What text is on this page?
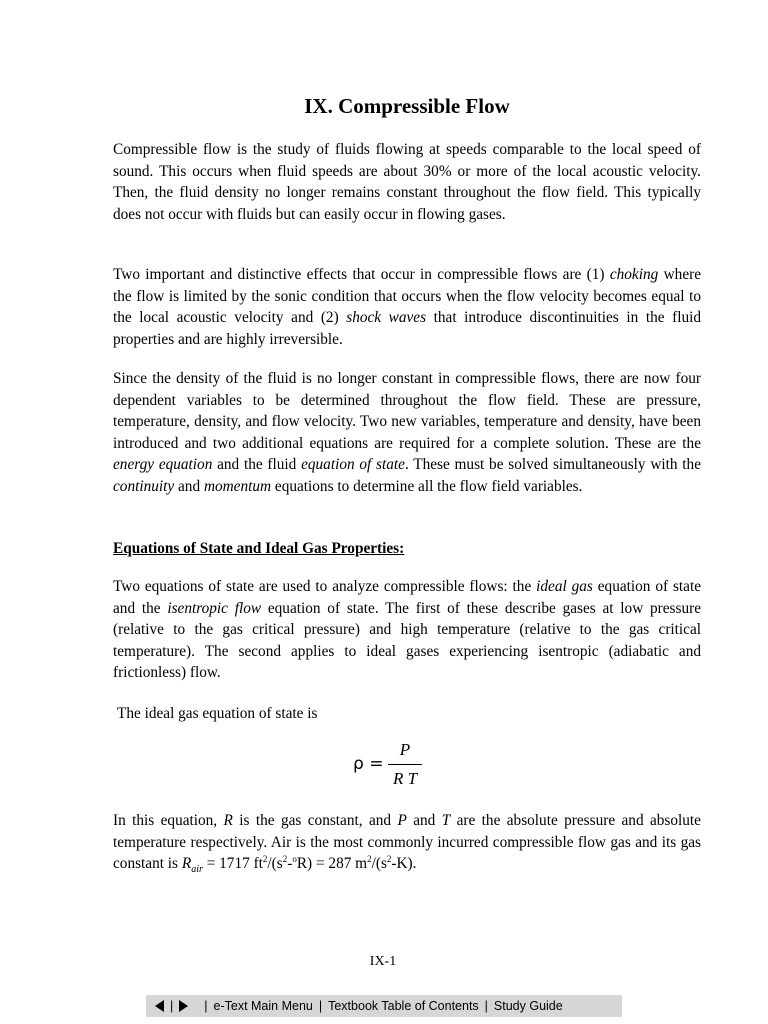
IX. Compressible Flow

Compressible flow is the study of fluids flowing at speeds comparable to the local speed of sound. This occurs when fluid speeds are about 30% or more of the local acoustic velocity. Then, the fluid density no longer remains constant throughout the flow field. This typically does not occur with fluids but can easily occur in flowing gases.

Two important and distinctive effects that occur in compressible flows are (1) choking where the flow is limited by the sonic condition that occurs when the flow velocity becomes equal to the local acoustic velocity and (2) shock waves that introduce discontinuities in the fluid properties and are highly irreversible.

Since the density of the fluid is no longer constant in compressible flows, there are now four dependent variables to be determined throughout the flow field. These are pressure, temperature, density, and flow velocity. Two new variables, temperature and density, have been introduced and two additional equations are required for a complete solution. These are the energy equation and the fluid equation of state. These must be solved simultaneously with the continuity and momentum equations to determine all the flow field variables.

Equations of State and Ideal Gas Properties:

Two equations of state are used to analyze compressible flows: the ideal gas equation of state and the isentropic flow equation of state. The first of these describe gases at low pressure (relative to the gas critical pressure) and high temperature (relative to the gas critical temperature). The second applies to ideal gases experiencing isentropic (adiabatic and frictionless) flow.

The ideal gas equation of state is

ρ =
P
R T

In this equation, R is the gas constant, and P and T are the absolute pressure and absolute temperature respectively. Air is the most commonly incurred compressible flow gas and its gas constant is $R_{air} = 1717$ $ft^2/(s^2-^oR) = 287$ $m^2/(s^2-K)$.

IX-1
| | e-Text Main Menu | Textbook Table of Contents | Study Guide
